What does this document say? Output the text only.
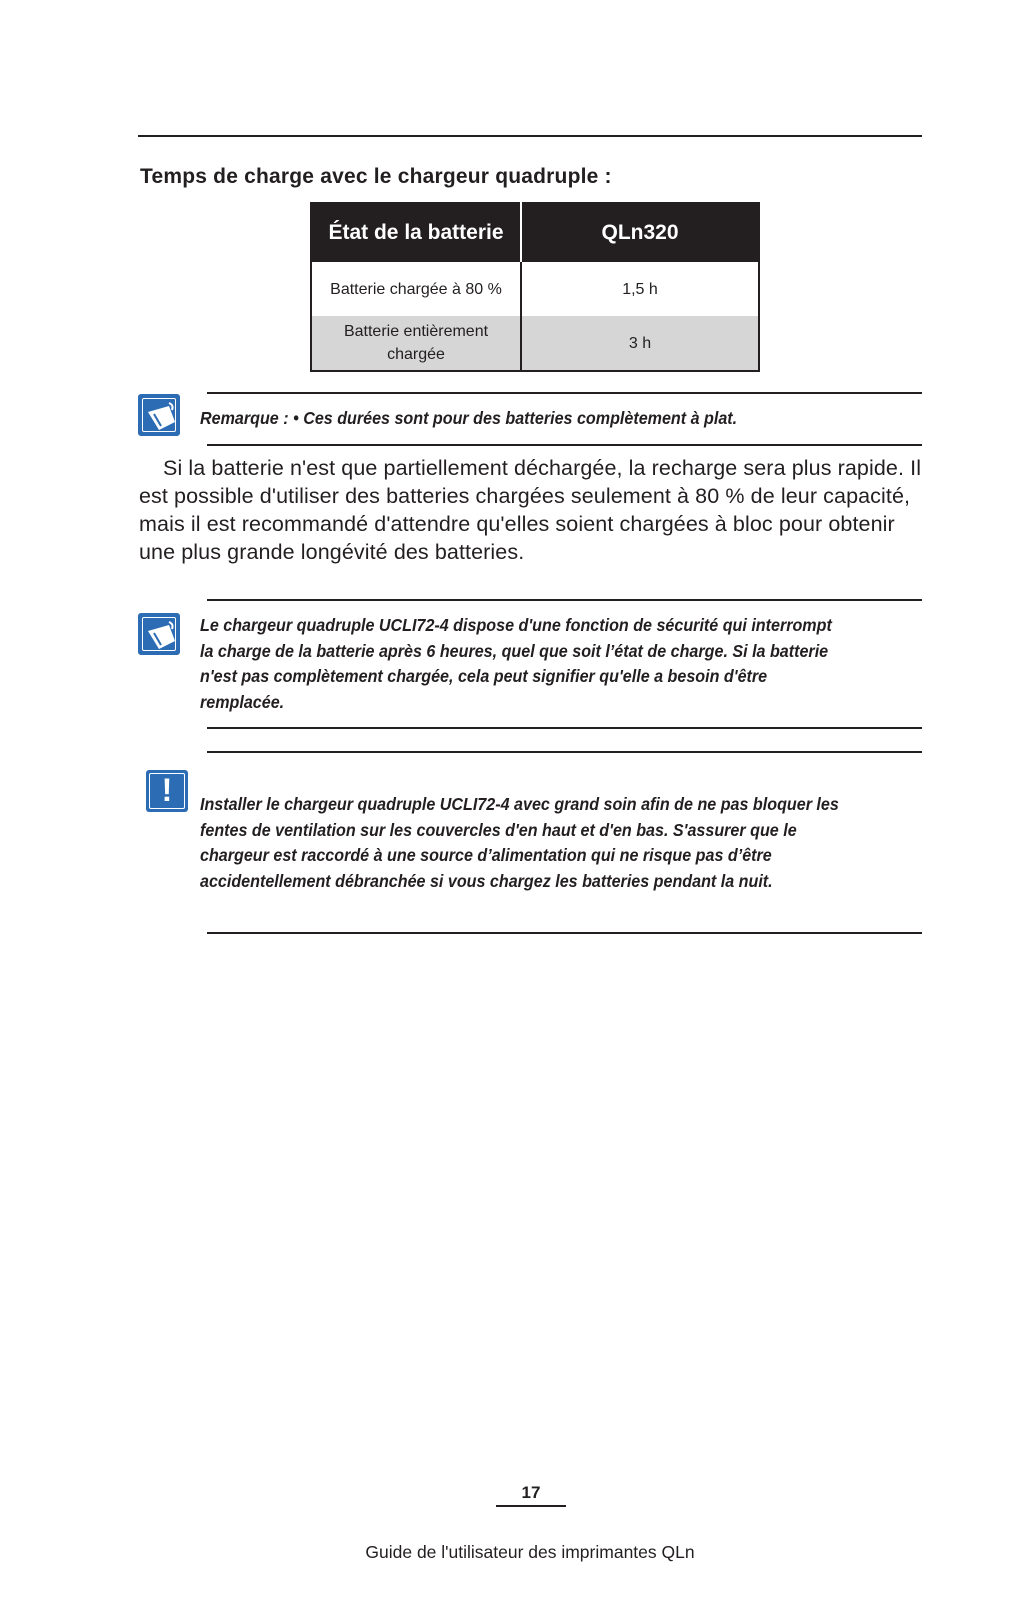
Temps de charge avec le chargeur quadruple :
État de la batterie	QLn320
Batterie chargée à 80 %	1,5 h
Batterie entièrement chargée	3 h
Remarque : • Ces durées sont pour des batteries complètement à plat.
Si la batterie n'est que partiellement déchargée, la recharge sera plus rapide. Il est possible d'utiliser des batteries chargées seulement à 80 % de leur capacité, mais il est recommandé d'attendre qu'elles soient chargées à bloc pour obtenir une plus grande longévité des batteries.
Le chargeur quadruple UCLI72-4 dispose d'une fonction de sécurité qui interrompt la charge de la batterie après 6 heures, quel que soit l’état de charge. Si la batterie n'est pas complètement chargée, cela peut signifier qu'elle a besoin d'être remplacée.
!	Installer le chargeur quadruple UCLI72-4 avec grand soin afin de ne pas bloquer les fentes de ventilation sur les couvercles d'en haut et d'en bas. S'assurer que le chargeur est raccordé à une source d’alimentation qui ne risque pas d’être accidentellement débranchée si vous chargez les batteries pendant la nuit.
17
Guide de l'utilisateur des imprimantes QLn
